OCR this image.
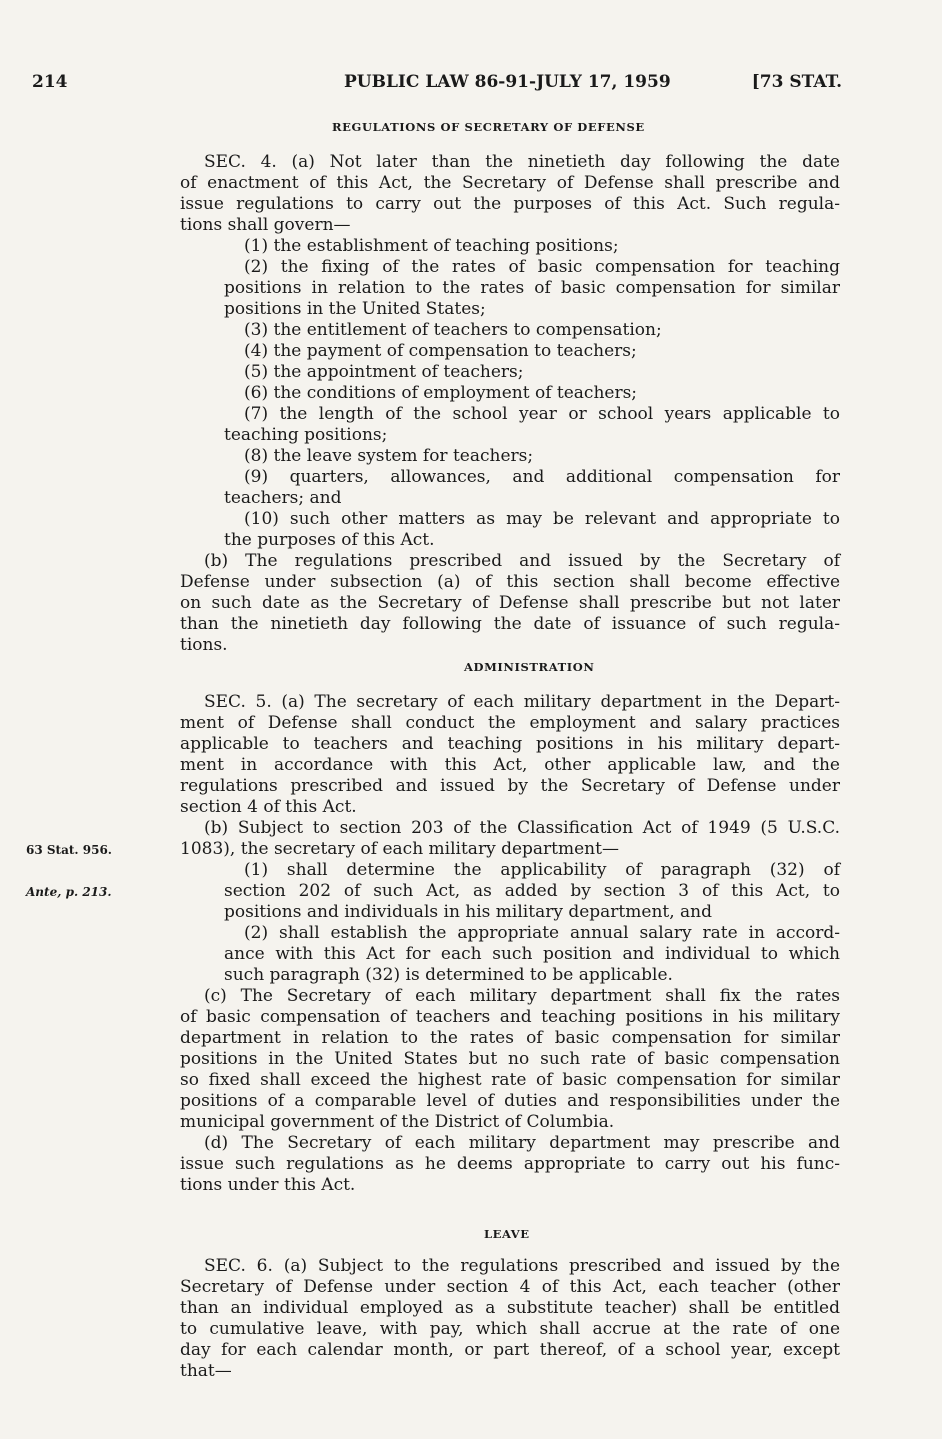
214	PUBLIC LAW 86-91-JULY 17, 1959	[73 STAT.
REGULATIONS OF SECRETARY OF DEFENSE
SEC. 4. (a) Not later than the ninetieth day following the date
of enactment of this Act, the Secretary of Defense shall prescribe and
issue regulations to carry out the purposes of this Act. Such regula-
tions shall govern—
(1) the establishment of teaching positions;
(2) the fixing of the rates of basic compensation for teaching
positions in relation to the rates of basic compensation for similar
positions in the United States;
(3) the entitlement of teachers to compensation;
(4) the payment of compensation to teachers;
(5) the appointment of teachers;
(6) the conditions of employment of teachers;
(7) the length of the school year or school years applicable to
teaching positions;
(8) the leave system for teachers;
(9) quarters, allowances, and additional compensation for
teachers; and
(10) such other matters as may be relevant and appropriate to
the purposes of this Act.
(b) The regulations prescribed and issued by the Secretary of
Defense under subsection (a) of this section shall become effective
on such date as the Secretary of Defense shall prescribe but not later
than the ninetieth day following the date of issuance of such regula-
tions.
ADMINISTRATION
SEC. 5. (a) The secretary of each military department in the Depart-
ment of Defense shall conduct the employment and salary practices
applicable to teachers and teaching positions in his military depart-
ment in accordance with this Act, other applicable law, and the
regulations prescribed and issued by the Secretary of Defense under
section 4 of this Act.
(b) Subject to section 203 of the Classification Act of 1949 (5 U.S.C.
1083), the secretary of each military department—
(1) shall determine the applicability of paragraph (32) of
section 202 of such Act, as added by section 3 of this Act, to
positions and individuals in his military department, and
(2) shall establish the appropriate annual salary rate in accord-
ance with this Act for each such position and individual to which
such paragraph (32) is determined to be applicable.
(c) The Secretary of each military department shall fix the rates
of basic compensation of teachers and teaching positions in his military
department in relation to the rates of basic compensation for similar
positions in the United States but no such rate of basic compensation
so fixed shall exceed the highest rate of basic compensation for similar
positions of a comparable level of duties and responsibilities under the
municipal government of the District of Columbia.
(d) The Secretary of each military department may prescribe and
issue such regulations as he deems appropriate to carry out his func-
tions under this Act.
63 Stat. 956.
Ante, p. 213.
LEAVE
SEC. 6. (a) Subject to the regulations prescribed and issued by the
Secretary of Defense under section 4 of this Act, each teacher (other
than an individual employed as a substitute teacher) shall be entitled
to cumulative leave, with pay, which shall accrue at the rate of one
day for each calendar month, or part thereof, of a school year, except
that—
